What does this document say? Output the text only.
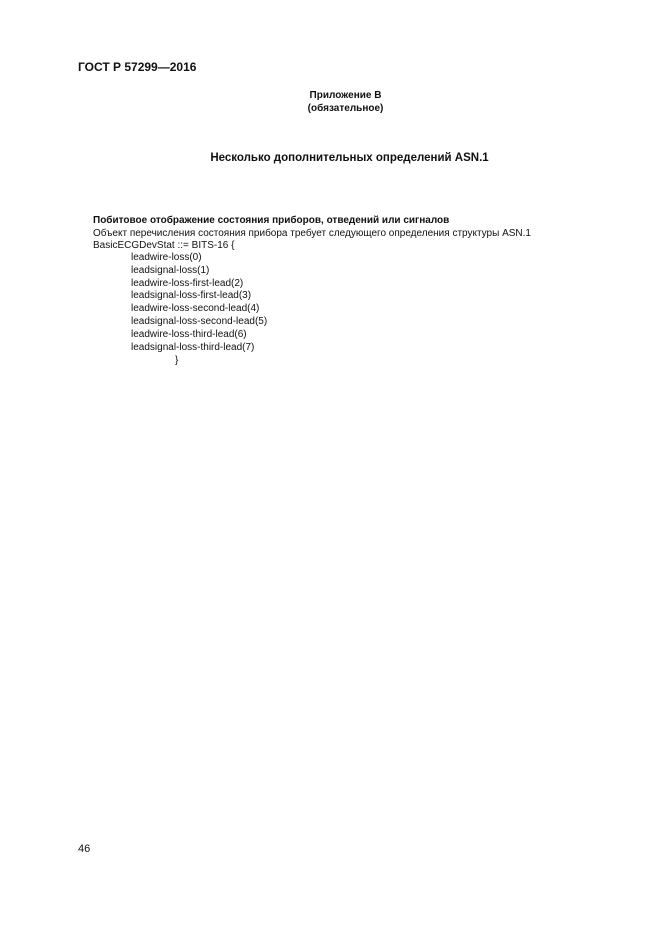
ГОСТ Р 57299—2016
Приложение В
(обязательное)
Несколько дополнительных определений ASN.1
Побитовое отображение состояния приборов, отведений или сигналов
Объект перечисления состояния прибора требует следующего определения структуры ASN.1
BasicECGDevStat ::= BITS-16 {
leadwire-loss(0)
leadsignal-loss(1)
leadwire-loss-first-lead(2)
leadsignal-loss-first-lead(3)
leadwire-loss-second-lead(4)
leadsignal-loss-second-lead(5)
leadwire-loss-third-lead(6)
leadsignal-loss-third-lead(7)
}
46
